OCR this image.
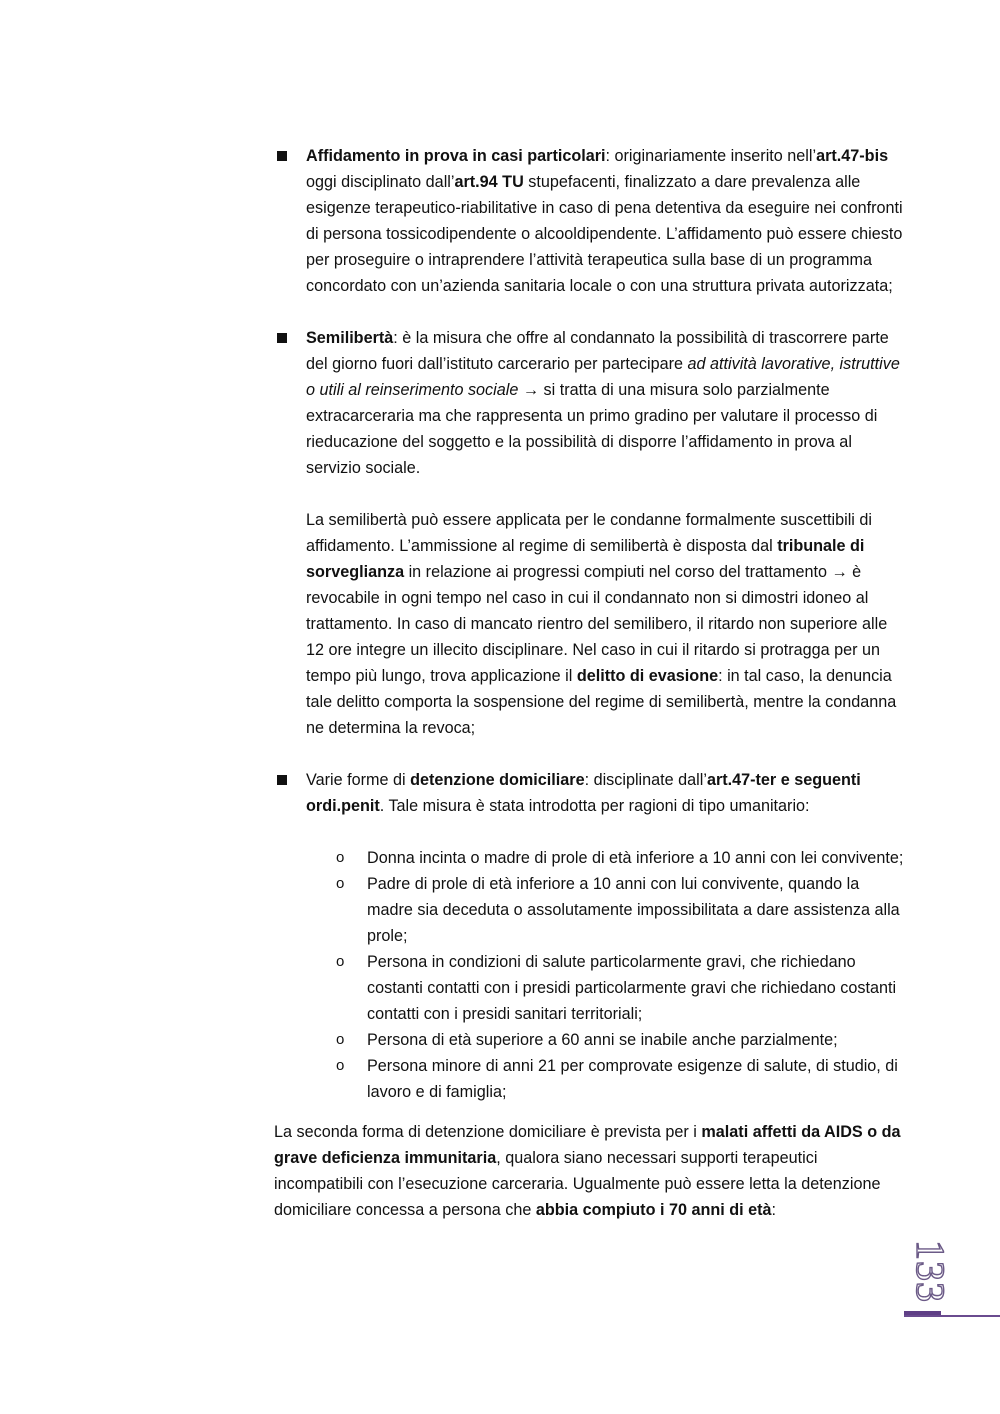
Affidamento in prova in casi particolari: originariamente inserito nell’art.47-bis oggi disciplinato dall’art.94 TU stupefacenti, finalizzato a dare prevalenza alle esigenze terapeutico-riabilitative in caso di pena detentiva da eseguire nei confronti di persona tossicodipendente o alcooldipendente. L’affidamento può essere chiesto per proseguire o intraprendere l’attività terapeutica sulla base di un programma concordato con un’azienda sanitaria locale o con una struttura privata autorizzata;

Semilibertà: è la misura che offre al condannato la possibilità di trascorrere parte del giorno fuori dall’istituto carcerario per partecipare ad attività lavorative, istruttive o utili al reinserimento sociale → si tratta di una misura solo parzialmente extracarceraria ma che rappresenta un primo gradino per valutare il processo di rieducazione del soggetto e la possibilità di disporre l’affidamento in prova al servizio sociale.

La semilibertà può essere applicata per le condanne formalmente suscettibili di affidamento. L’ammissione al regime di semilibertà è disposta dal tribunale di sorveglianza in relazione ai progressi compiuti nel corso del trattamento → è revocabile in ogni tempo nel caso in cui il condannato non si dimostri idoneo al trattamento. In caso di mancato rientro del semilibero, il ritardo non superiore alle 12 ore integre un illecito disciplinare. Nel caso in cui il ritardo si protragga per un tempo più lungo, trova applicazione il delitto di evasione: in tal caso, la denuncia tale delitto comporta la sospensione del regime di semilibertà, mentre la condanna ne determina la revoca;

Varie forme di detenzione domiciliare: disciplinate dall’art.47-ter e seguenti ordi.penit. Tale misura è stata introdotta per ragioni di tipo umanitario:

o Donna incinta o madre di prole di età inferiore a 10 anni con lei convivente;
o Padre di prole di età inferiore a 10 anni con lui convivente, quando la madre sia deceduta o assolutamente impossibilitata a dare assistenza alla prole;
o Persona in condizioni di salute particolarmente gravi, che richiedano costanti contatti con i presidi particolarmente gravi che richiedano costanti contatti con i presidi sanitari territoriali;
o Persona di età superiore a 60 anni se inabile anche parzialmente;
o Persona minore di anni 21 per comprovate esigenze di salute, di studio, di lavoro e di famiglia;

La seconda forma di detenzione domiciliare è prevista per i malati affetti da AIDS o da grave deficienza immunitaria, qualora siano necessari supporti terapeutici incompatibili con l’esecuzione carceraria. Ugualmente può essere letta la detenzione domiciliare concessa a persona che abbia compiuto i 70 anni di età:

133
